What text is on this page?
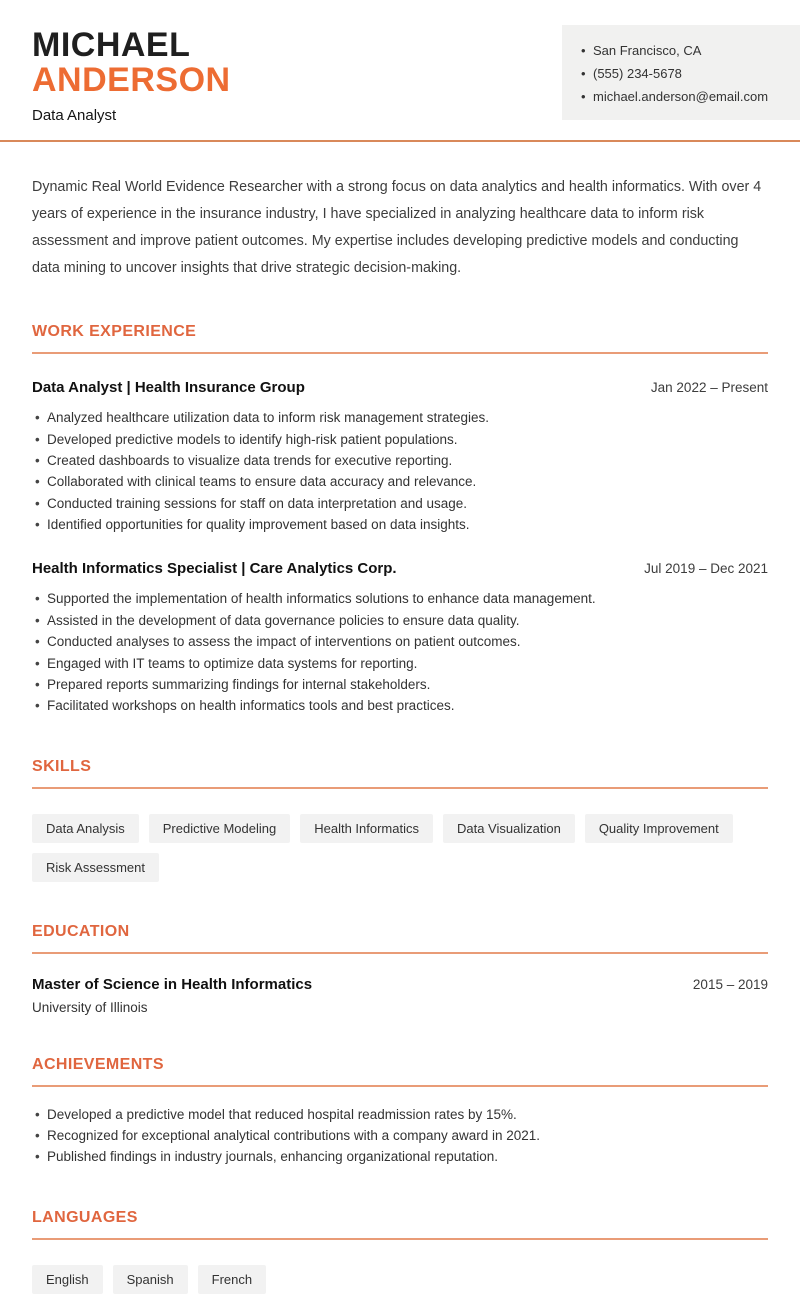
MICHAEL
ANDERSON
Data Analyst
• San Francisco, CA
• (555) 234-5678
• michael.anderson@email.com

Dynamic Real World Evidence Researcher with a strong focus on data analytics and health informatics. With over 4 years of experience in the insurance industry, I have specialized in analyzing healthcare data to inform risk assessment and improve patient outcomes. My expertise includes developing predictive models and conducting data mining to uncover insights that drive strategic decision-making.

WORK EXPERIENCE
Data Analyst | Health Insurance Group	Jan 2022 – Present
• Analyzed healthcare utilization data to inform risk management strategies.
• Developed predictive models to identify high-risk patient populations.
• Created dashboards to visualize data trends for executive reporting.
• Collaborated with clinical teams to ensure data accuracy and relevance.
• Conducted training sessions for staff on data interpretation and usage.
• Identified opportunities for quality improvement based on data insights.
Health Informatics Specialist | Care Analytics Corp.	Jul 2019 – Dec 2021
• Supported the implementation of health informatics solutions to enhance data management.
• Assisted in the development of data governance policies to ensure data quality.
• Conducted analyses to assess the impact of interventions on patient outcomes.
• Engaged with IT teams to optimize data systems for reporting.
• Prepared reports summarizing findings for internal stakeholders.
• Facilitated workshops on health informatics tools and best practices.
SKILLS
Data Analysis	Predictive Modeling	Health Informatics	Data Visualization	Quality Improvement
Risk Assessment
EDUCATION
Master of Science in Health Informatics	2015 – 2019
University of Illinois
ACHIEVEMENTS
• Developed a predictive model that reduced hospital readmission rates by 15%.
• Recognized for exceptional analytical contributions with a company award in 2021.
• Published findings in industry journals, enhancing organizational reputation.
LANGUAGES
English	Spanish	French
